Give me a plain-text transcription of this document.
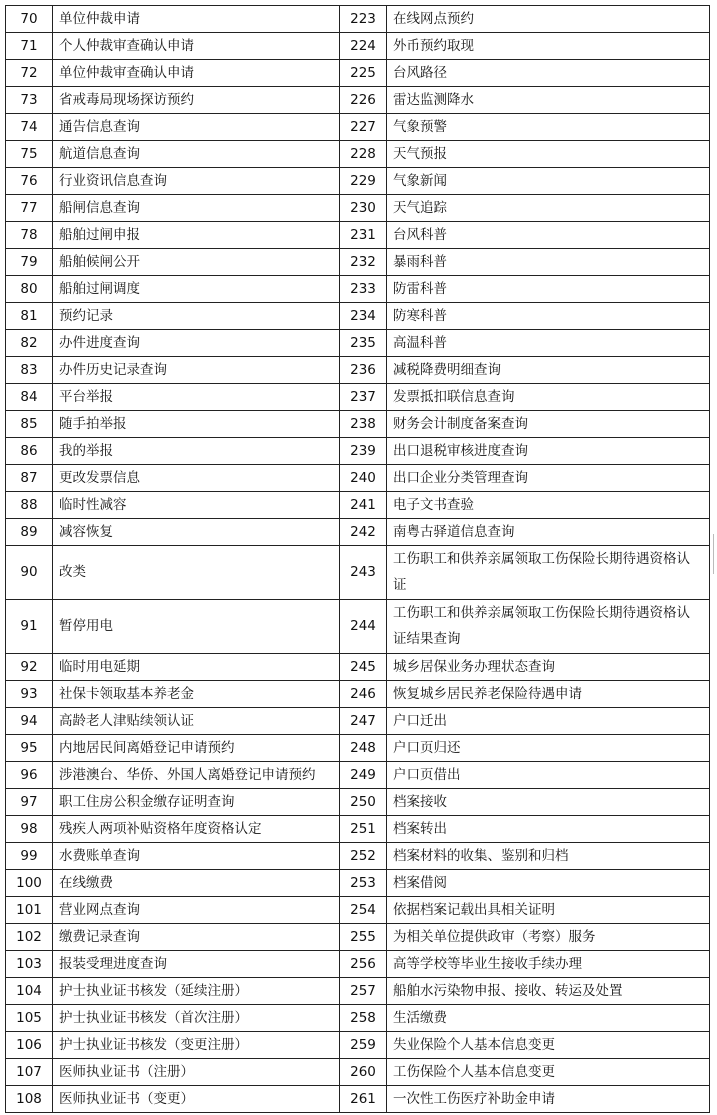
70	单位仲裁申请	223	在线网点预约
71	个人仲裁审查确认申请	224	外币预约取现
72	单位仲裁审查确认申请	225	台风路径
73	省戒毒局现场探访预约	226	雷达监测降水
74	通告信息查询	227	气象预警
75	航道信息查询	228	天气预报
76	行业资讯信息查询	229	气象新闻
77	船闸信息查询	230	天气追踪
78	船舶过闸申报	231	台风科普
79	船舶候闸公开	232	暴雨科普
80	船舶过闸调度	233	防雷科普
81	预约记录	234	防寒科普
82	办件进度查询	235	高温科普
83	办件历史记录查询	236	减税降费明细查询
84	平台举报	237	发票抵扣联信息查询
85	随手拍举报	238	财务会计制度备案查询
86	我的举报	239	出口退税审核进度查询
87	更改发票信息	240	出口企业分类管理查询
88	临时性减容	241	电子文书查验
89	减容恢复	242	南粤古驿道信息查询
90	改类	243	工伤职工和供养亲属领取工伤保险长期待遇资格认证
91	暂停用电	244	工伤职工和供养亲属领取工伤保险长期待遇资格认证结果查询
92	临时用电延期	245	城乡居保业务办理状态查询
93	社保卡领取基本养老金	246	恢复城乡居民养老保险待遇申请
94	高龄老人津贴续领认证	247	户口迁出
95	内地居民间离婚登记申请预约	248	户口页归还
96	涉港澳台、华侨、外国人离婚登记申请预约	249	户口页借出
97	职工住房公积金缴存证明查询	250	档案接收
98	残疾人两项补贴资格年度资格认定	251	档案转出
99	水费账单查询	252	档案材料的收集、鉴别和归档
100	在线缴费	253	档案借阅
101	营业网点查询	254	依据档案记载出具相关证明
102	缴费记录查询	255	为相关单位提供政审（考察）服务
103	报装受理进度查询	256	高等学校等毕业生接收手续办理
104	护士执业证书核发（延续注册）	257	船舶水污染物申报、接收、转运及处置
105	护士执业证书核发（首次注册）	258	生活缴费
106	护士执业证书核发（变更注册）	259	失业保险个人基本信息变更
107	医师执业证书（注册）	260	工伤保险个人基本信息变更
108	医师执业证书（变更）	261	一次性工伤医疗补助金申请
